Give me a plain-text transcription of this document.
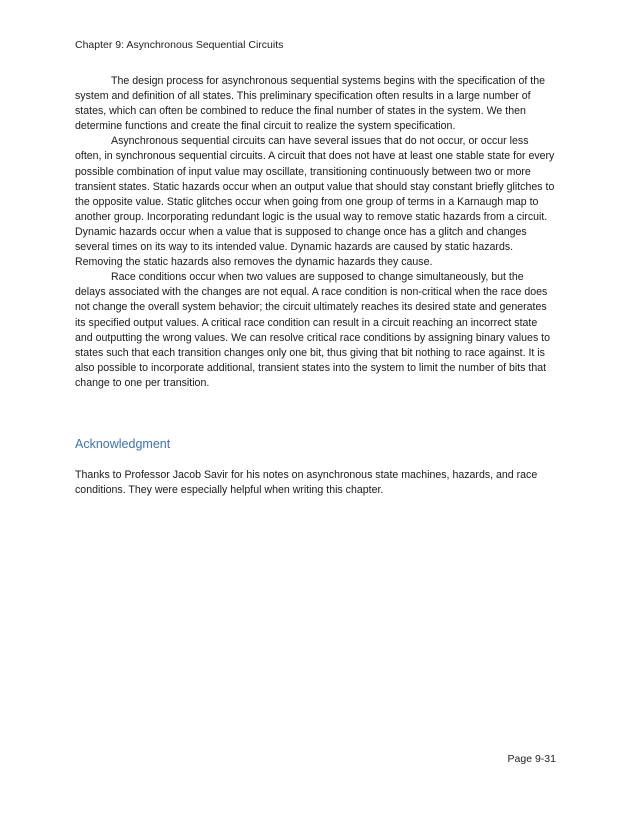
Chapter 9: Asynchronous Sequential Circuits

The design process for asynchronous sequential systems begins with the specification of the system and definition of all states. This preliminary specification often results in a large number of states, which can often be combined to reduce the final number of states in the system. We then determine functions and create the final circuit to realize the system specification.

Asynchronous sequential circuits can have several issues that do not occur, or occur less often, in synchronous sequential circuits. A circuit that does not have at least one stable state for every possible combination of input value may oscillate, transitioning continuously between two or more transient states. Static hazards occur when an output value that should stay constant briefly glitches to the opposite value. Static glitches occur when going from one group of terms in a Karnaugh map to another group. Incorporating redundant logic is the usual way to remove static hazards from a circuit. Dynamic hazards occur when a value that is supposed to change once has a glitch and changes several times on its way to its intended value. Dynamic hazards are caused by static hazards. Removing the static hazards also removes the dynamic hazards they cause.

Race conditions occur when two values are supposed to change simultaneously, but the delays associated with the changes are not equal. A race condition is non-critical when the race does not change the overall system behavior; the circuit ultimately reaches its desired state and generates its specified output values. A critical race condition can result in a circuit reaching an incorrect state and outputting the wrong values. We can resolve critical race conditions by assigning binary values to states such that each transition changes only one bit, thus giving that bit nothing to race against. It is also possible to incorporate additional, transient states into the system to limit the number of bits that change to one per transition.

Acknowledgment

Thanks to Professor Jacob Savir for his notes on asynchronous state machines, hazards, and race conditions. They were especially helpful when writing this chapter.

Page 9-31
